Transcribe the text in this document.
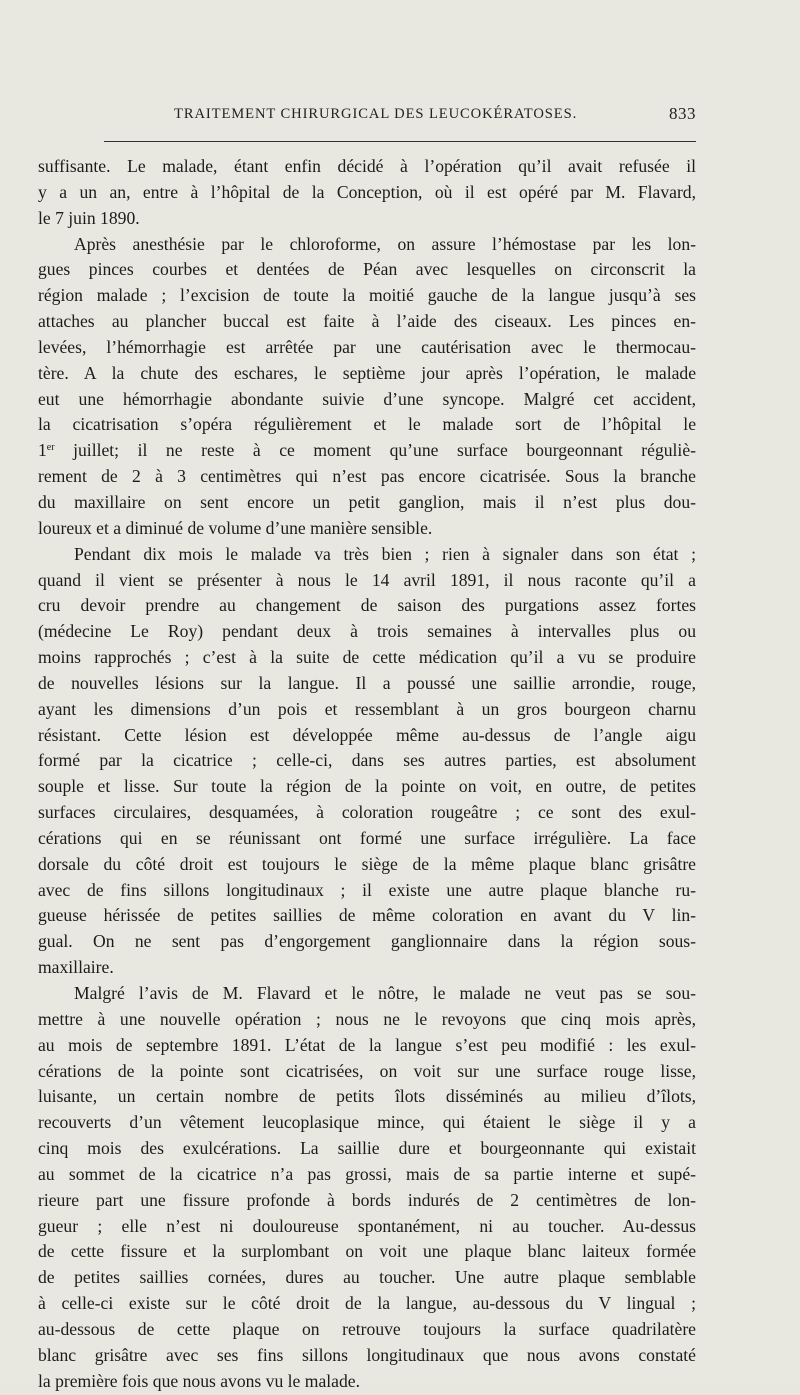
TRAITEMENT CHIRURGICAL DES LEUCOKÉRATOSES.	833
suffisante. Le malade, étant enfin décidé à l’opération qu’il avait refusée il
y a un an, entre à l’hôpital de la Conception, où il est opéré par M. Flavard,
le 7 juin 1890.
Après anesthésie par le chloroforme, on assure l’hémostase par les lon-
gues pinces courbes et dentées de Péan avec lesquelles on circonscrit la
région malade ; l’excision de toute la moitié gauche de la langue jusqu’à ses
attaches au plancher buccal est faite à l’aide des ciseaux. Les pinces en-
levées, l’hémorrhagie est arrêtée par une cautérisation avec le thermocau-
tère. A la chute des eschares, le septième jour après l’opération, le malade
eut une hémorrhagie abondante suivie d’une syncope. Malgré cet accident,
la cicatrisation s’opéra régulièrement et le malade sort de l’hôpital le
1er juillet; il ne reste à ce moment qu’une surface bourgeonnant réguliè-
rement de 2 à 3 centimètres qui n’est pas encore cicatrisée. Sous la branche
du maxillaire on sent encore un petit ganglion, mais il n’est plus dou-
loureux et a diminué de volume d’une manière sensible.
Pendant dix mois le malade va très bien ; rien à signaler dans son état ;
quand il vient se présenter à nous le 14 avril 1891, il nous raconte qu’il a
cru devoir prendre au changement de saison des purgations assez fortes
(médecine Le Roy) pendant deux à trois semaines à intervalles plus ou
moins rapprochés ; c’est à la suite de cette médication qu’il a vu se produire
de nouvelles lésions sur la langue. Il a poussé une saillie arrondie, rouge,
ayant les dimensions d’un pois et ressemblant à un gros bourgeon charnu
résistant. Cette lésion est développée même au-dessus de l’angle aigu
formé par la cicatrice ; celle-ci, dans ses autres parties, est absolument
souple et lisse. Sur toute la région de la pointe on voit, en outre, de petites
surfaces circulaires, desquamées, à coloration rougeâtre ; ce sont des exul-
cérations qui en se réunissant ont formé une surface irrégulière. La face
dorsale du côté droit est toujours le siège de la même plaque blanc grisâtre
avec de fins sillons longitudinaux ; il existe une autre plaque blanche ru-
gueuse hérissée de petites saillies de même coloration en avant du V lin-
gual. On ne sent pas d’engorgement ganglionnaire dans la région sous-
maxillaire.
Malgré l’avis de M. Flavard et le nôtre, le malade ne veut pas se sou-
mettre à une nouvelle opération ; nous ne le revoyons que cinq mois après,
au mois de septembre 1891. L’état de la langue s’est peu modifié : les exul-
cérations de la pointe sont cicatrisées, on voit sur une surface rouge lisse,
luisante, un certain nombre de petits îlots disséminés au milieu d’îlots,
recouverts d’un vêtement leucoplasique mince, qui étaient le siège il y a
cinq mois des exulcérations. La saillie dure et bourgeonnante qui existait
au sommet de la cicatrice n’a pas grossi, mais de sa partie interne et supé-
rieure part une fissure profonde à bords indurés de 2 centimètres de lon-
gueur ; elle n’est ni douloureuse spontanément, ni au toucher. Au-dessus
de cette fissure et la surplombant on voit une plaque blanc laiteux formée
de petites saillies cornées, dures au toucher. Une autre plaque semblable
à celle-ci existe sur le côté droit de la langue, au-dessous du V lingual ;
au-dessous de cette plaque on retrouve toujours la surface quadrilatère
blanc grisâtre avec ses fins sillons longitudinaux que nous avons constaté
la première fois que nous avons vu le malade.
